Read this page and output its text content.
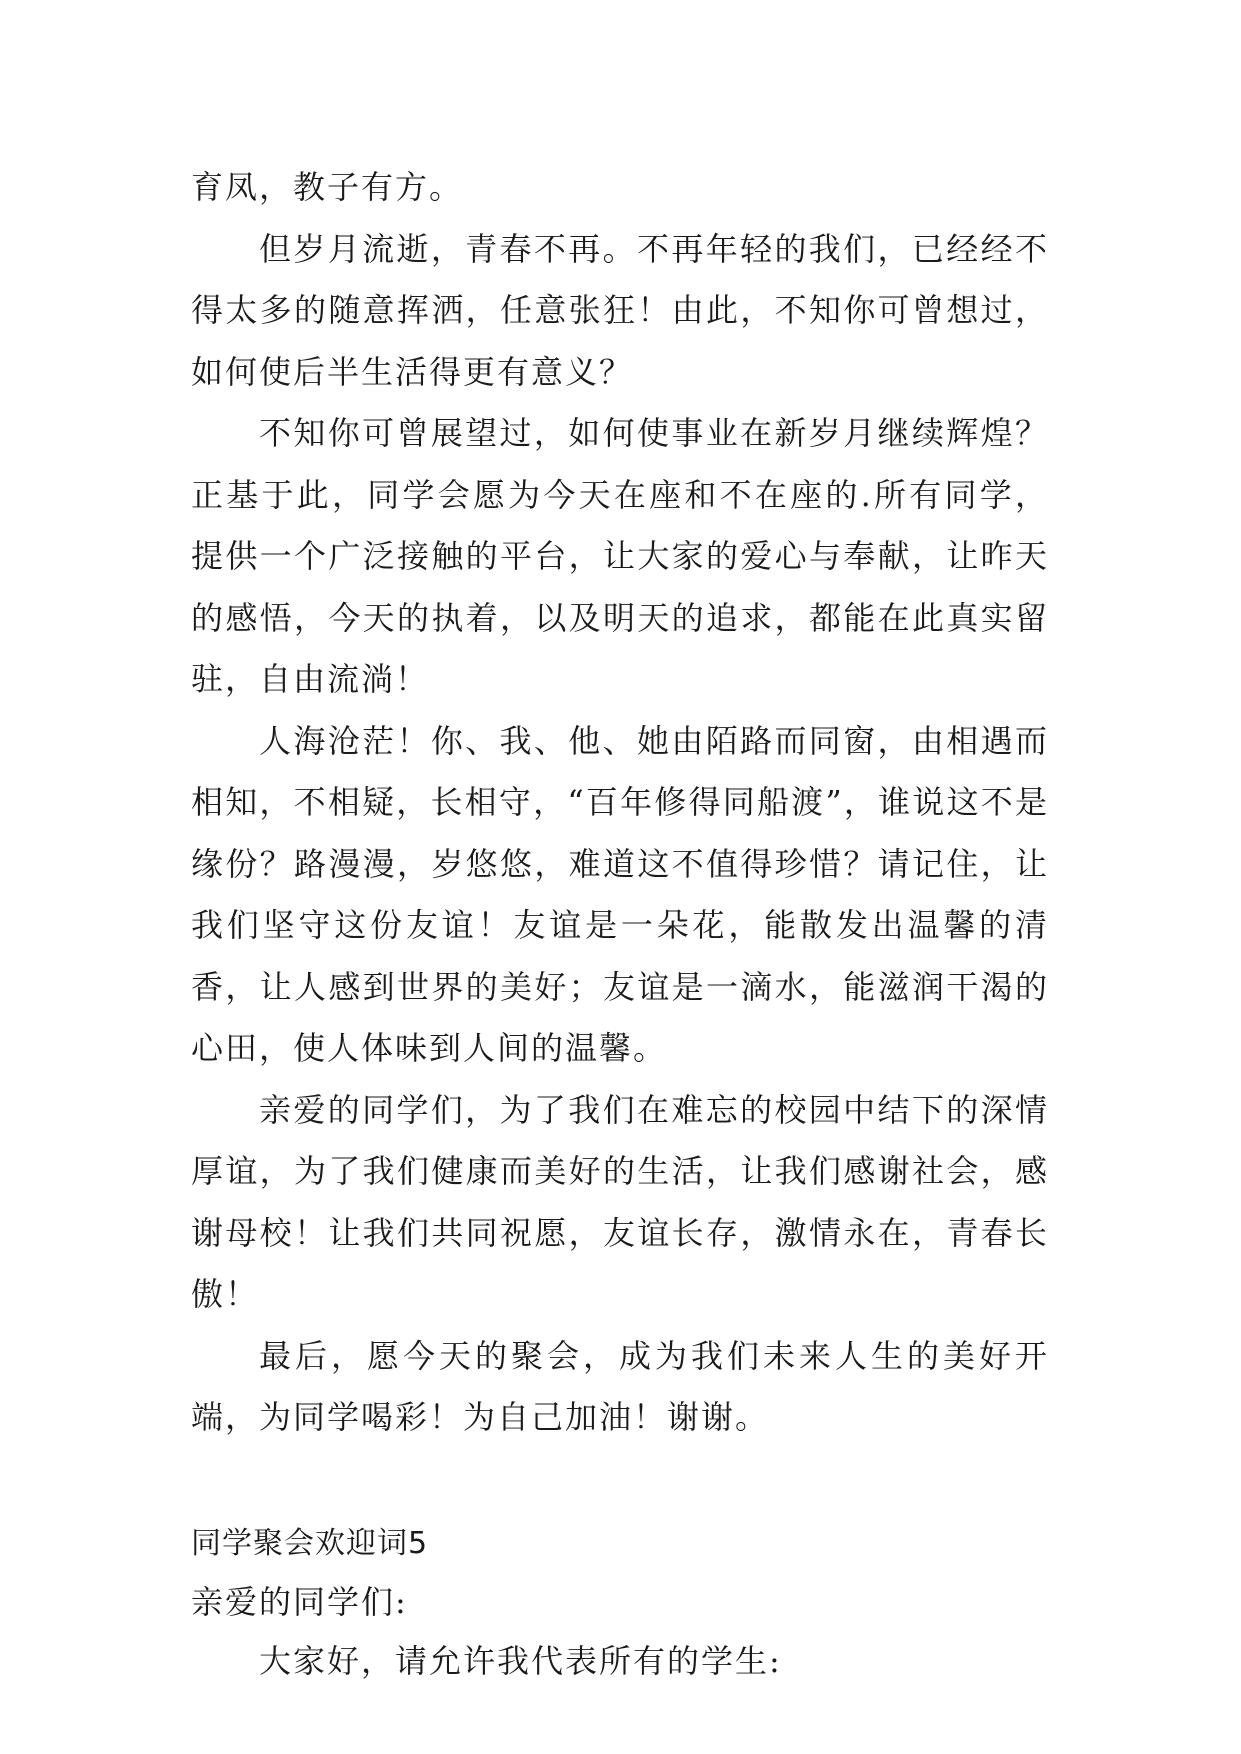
育凤，教子有方。

但岁月流逝，青春不再。不再年轻的我们，已经经不得太多的随意挥洒，任意张狂！由此，不知你可曾想过，如何使后半生活得更有意义？

不知你可曾展望过，如何使事业在新岁月继续辉煌？正基于此，同学会愿为今天在座和不在座的.所有同学，提供一个广泛接触的平台，让大家的爱心与奉献，让昨天的感悟，今天的执着，以及明天的追求，都能在此真实留驻，自由流淌！

人海沧茫！你、我、他、她由陌路而同窗，由相遇而相知，不相疑，长相守，“百年修得同船渡”，谁说这不是缘份？路漫漫，岁悠悠，难道这不值得珍惜？请记住，让我们坚守这份友谊！友谊是一朵花，能散发出温馨的清香，让人感到世界的美好；友谊是一滴水，能滋润干渴的心田，使人体味到人间的温馨。

亲爱的同学们，为了我们在难忘的校园中结下的深情厚谊，为了我们健康而美好的生活，让我们感谢社会，感谢母校！让我们共同祝愿，友谊长存，激情永在，青春长傲！

最后，愿今天的聚会，成为我们未来人生的美好开端，为同学喝彩！为自己加油！谢谢。

同学聚会欢迎词5

亲爱的同学们:

大家好，请允许我代表所有的学生:
